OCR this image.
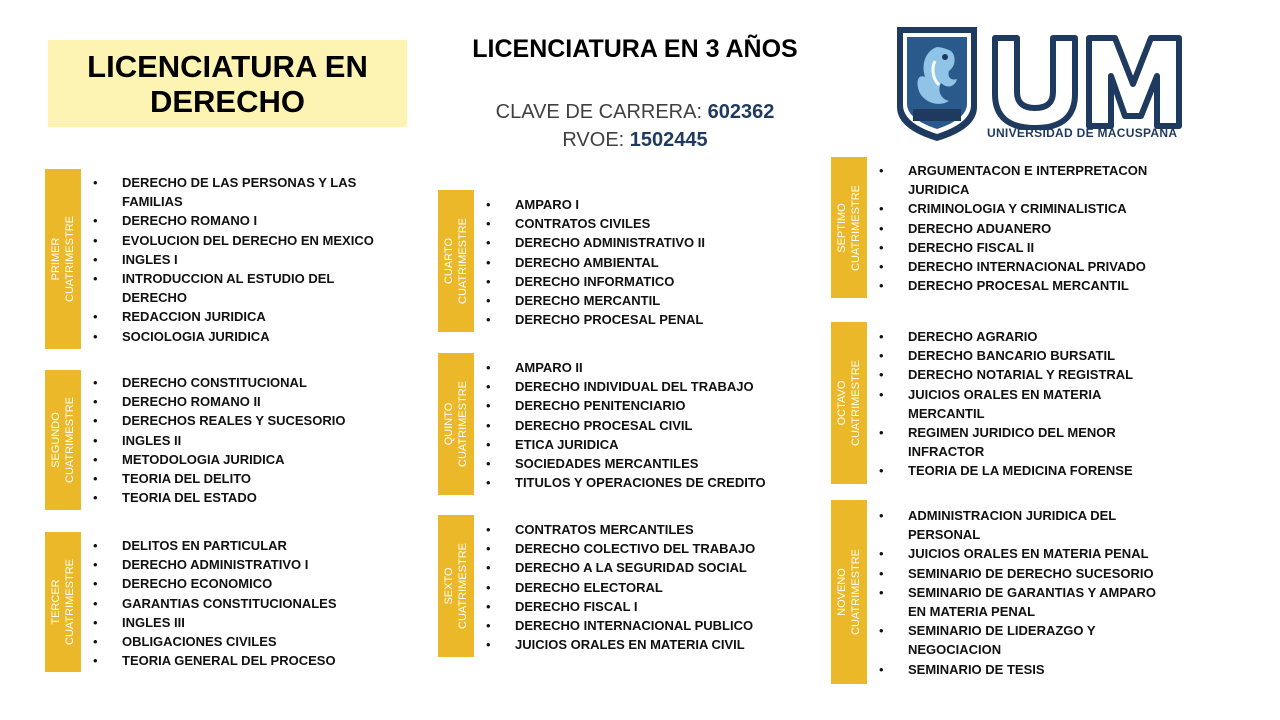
LICENCIATURA EN
DERECHO
LICENCIATURA EN 3 AÑOS
CLAVE DE CARRERA: 602362
RVOE: 1502445	UNIVERSIDAD DE MACUSPANA
PRIMER CUATRIMESTRE
• DERECHO DE LAS PERSONAS Y LAS
FAMILIAS
• DERECHO ROMANO I
• EVOLUCION DEL DERECHO EN MEXICO
• INGLES I
• INTRODUCCION AL ESTUDIO DEL
DERECHO
• REDACCION JURIDICA
• SOCIOLOGIA JURIDICA
SEGUNDO
CUATRIMESTRE
• DERECHO CONSTITUCIONAL
• DERECHO ROMANO II
• DERECHOS REALES Y SUCESORIO
• INGLES II
• METODOLOGIA JURIDICA
• TEORIA DEL DELITO
• TEORIA DEL ESTADO
TERCER
CUATRIMESTRE
• DELITOS EN PARTICULAR
• DERECHO ADMINISTRATIVO I
• DERECHO ECONOMICO
• GARANTIAS CONSTITUCIONALES
• INGLES III
• OBLIGACIONES CIVILES
• TEORIA GENERAL DEL PROCESO
CUARTO
CUATRIMESTRE
• AMPARO I
• CONTRATOS CIVILES
• DERECHO ADMINISTRATIVO II
• DERECHO AMBIENTAL
• DERECHO INFORMATICO
• DERECHO MERCANTIL
• DERECHO PROCESAL PENAL
QUINTO
CUATRIMESTRE
• AMPARO II
• DERECHO INDIVIDUAL DEL TRABAJO
• DERECHO PENITENCIARIO
• DERECHO PROCESAL CIVIL
• ETICA JURIDICA
• SOCIEDADES MERCANTILES
• TITULOS Y OPERACIONES DE CREDITO
SEXTO
CUATRIMESTRE
• CONTRATOS MERCANTILES
• DERECHO COLECTIVO DEL TRABAJO
• DERECHO A LA SEGURIDAD SOCIAL
• DERECHO ELECTORAL
• DERECHO FISCAL I
• DERECHO INTERNACIONAL PUBLICO
• JUICIOS ORALES EN MATERIA CIVIL
SEPTIMO
CUATRIMESTRE
• ARGUMENTACON E INTERPRETACON
JURIDICA
• CRIMINOLOGIA Y CRIMINALISTICA
• DERECHO ADUANERO
• DERECHO FISCAL II
• DERECHO INTERNACIONAL PRIVADO
• DERECHO PROCESAL MERCANTIL
OCTAVO CUATRIMESTRE
• DERECHO AGRARIO
• DERECHO BANCARIO BURSATIL
• DERECHO NOTARIAL Y REGISTRAL
• JUICIOS ORALES EN MATERIA
MERCANTIL
• REGIMEN JURIDICO DEL MENOR
INFRACTOR
• TEORIA DE LA MEDICINA FORENSE
NOVENO CUATRIMESTRE
• ADMINISTRACION JURIDICA DEL
PERSONAL
• JUICIOS ORALES EN MATERIA PENAL
• SEMINARIO DE DERECHO SUCESORIO
• SEMINARIO DE GARANTIAS Y AMPARO
EN MATERIA PENAL
• SEMINARIO DE LIDERAZGO Y
NEGOCIACION
• SEMINARIO DE TESIS
